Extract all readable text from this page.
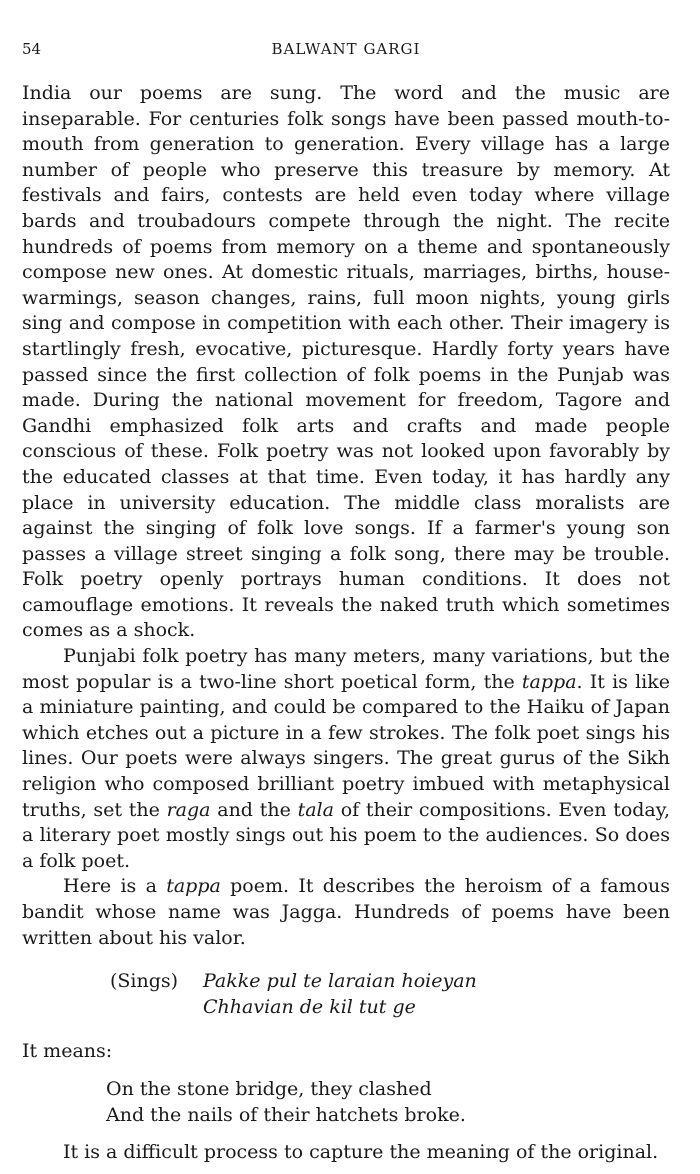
54	BALWANT GARGI

India our poems are sung. The word and the music are inseparable. For centuries folk songs have been passed mouth-to-mouth from generation to generation. Every village has a large number of people who preserve this treasure by memory. At festivals and fairs, contests are held even today where village bards and troubadours compete through the night. The recite hundreds of poems from memory on a theme and spontaneously compose new ones. At domestic rituals, marriages, births, house-warmings, season changes, rains, full moon nights, young girls sing and compose in competition with each other. Their imagery is startlingly fresh, evocative, picturesque. Hardly forty years have passed since the first collection of folk poems in the Punjab was made. During the national movement for freedom, Tagore and Gandhi emphasized folk arts and crafts and made people conscious of these. Folk poetry was not looked upon favorably by the educated classes at that time. Even today, it has hardly any place in university education. The middle class moralists are against the singing of folk love songs. If a farmer's young son passes a village street singing a folk song, there may be trouble. Folk poetry openly portrays human conditions. It does not camouflage emotions. It reveals the naked truth which sometimes comes as a shock.

Punjabi folk poetry has many meters, many variations, but the most popular is a two-line short poetical form, the tappa. It is like a miniature painting, and could be compared to the Haiku of Japan which etches out a picture in a few strokes. The folk poet sings his lines. Our poets were always singers. The great gurus of the Sikh religion who composed brilliant poetry imbued with metaphysical truths, set the raga and the tala of their compositions. Even today, a literary poet mostly sings out his poem to the audiences. So does a folk poet.

Here is a tappa poem. It describes the heroism of a famous bandit whose name was Jagga. Hundreds of poems have been written about his valor.

(Sings)	Pakke pul te laraian hoieyan
Chhavian de kil tut ge
It means:
On the stone bridge, they clashed
And the nails of their hatchets broke.
It is a difficult process to capture the meaning of the original.
